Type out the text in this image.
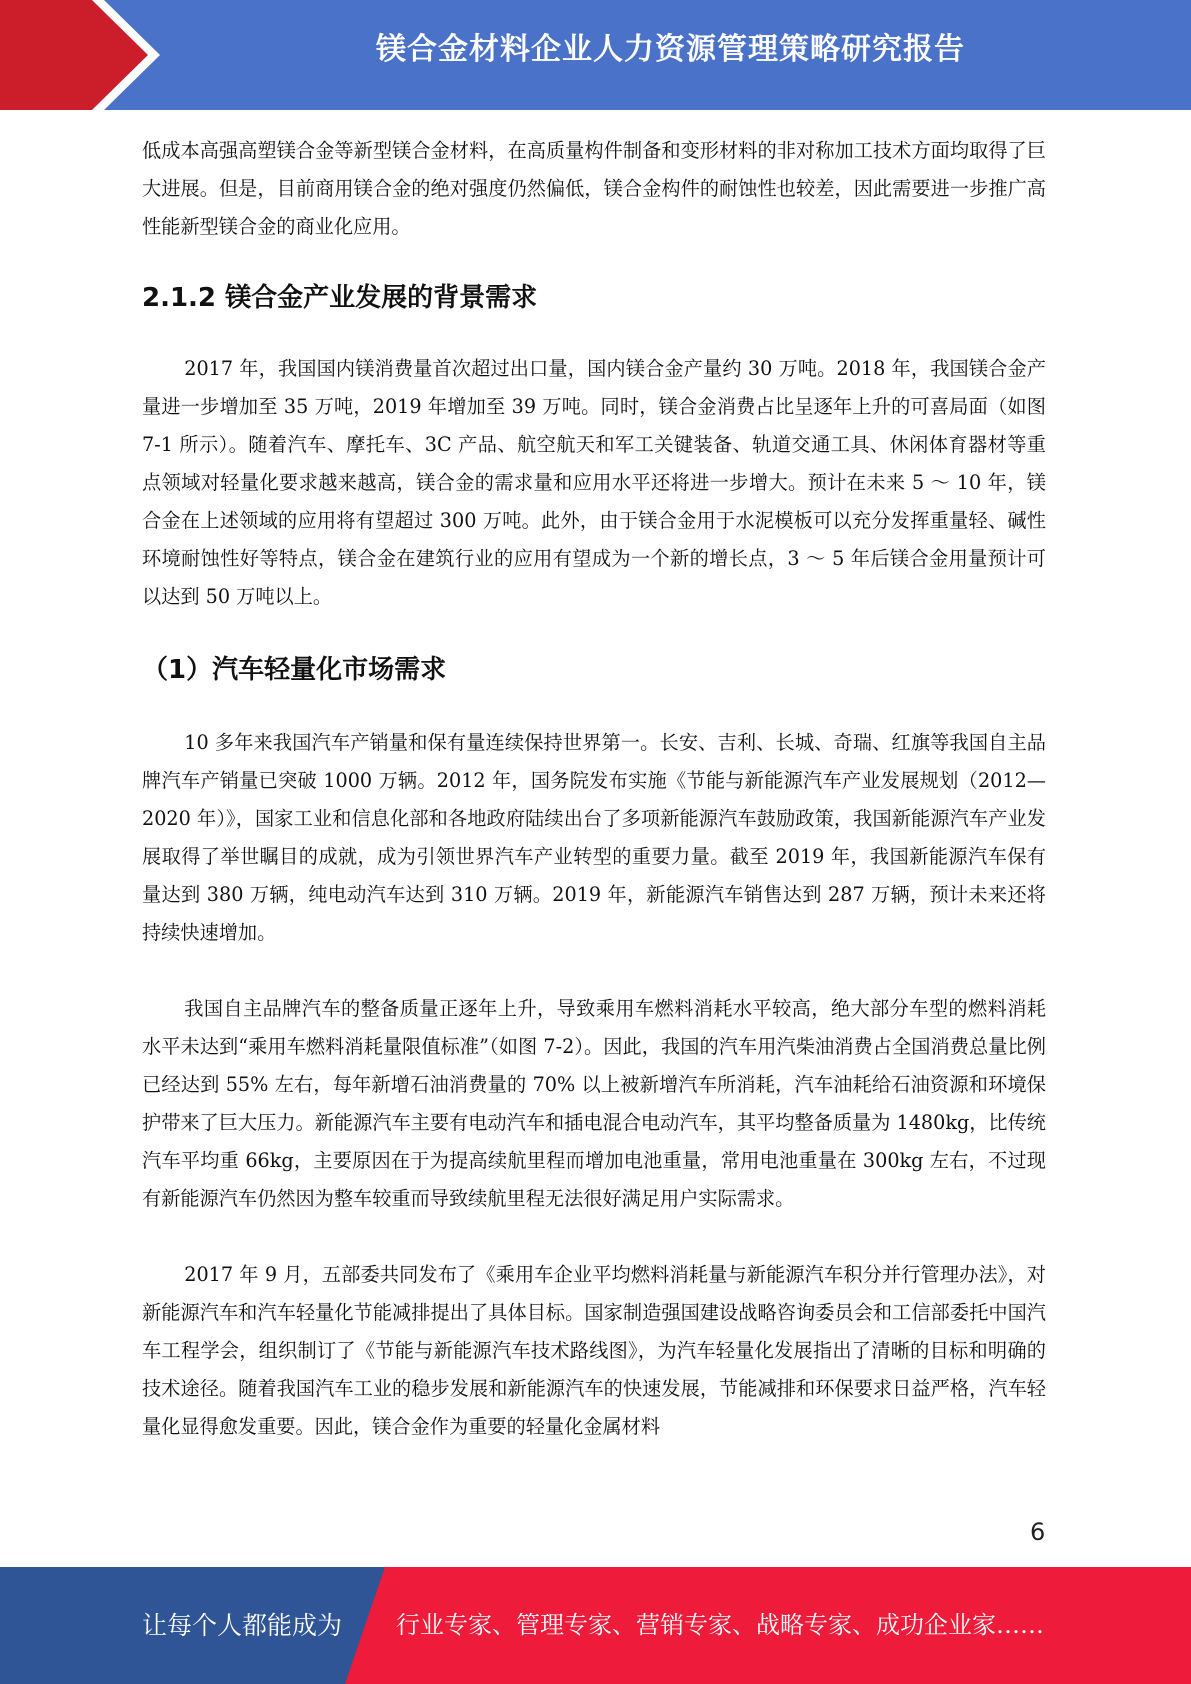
镁合金材料企业人力资源管理策略研究报告

低成本高强高塑镁合金等新型镁合金材料，在高质量构件制备和变形材料的非对称加工技术方面均取得了巨大进展。但是，目前商用镁合金的绝对强度仍然偏低，镁合金构件的耐蚀性也较差，因此需要进一步推广高性能新型镁合金的商业化应用。

2.1.2 镁合金产业发展的背景需求

2017 年，我国国内镁消费量首次超过出口量，国内镁合金产量约 30 万吨。2018 年，我国镁合金产量进一步增加至 35 万吨，2019 年增加至 39 万吨。同时，镁合金消费占比呈逐年上升的可喜局面（如图 7-1 所示）。随着汽车、摩托车、3C 产品、航空航天和军工关键装备、轨道交通工具、休闲体育器材等重点领域对轻量化要求越来越高，镁合金的需求量和应用水平还将进一步增大。预计在未来 5 ～ 10 年，镁合金在上述领域的应用将有望超过 300 万吨。此外，由于镁合金用于水泥模板可以充分发挥重量轻、碱性环境耐蚀性好等特点，镁合金在建筑行业的应用有望成为一个新的增长点，3 ～ 5 年后镁合金用量预计可以达到 50 万吨以上。

（1）汽车轻量化市场需求

10 多年来我国汽车产销量和保有量连续保持世界第一。长安、吉利、长城、奇瑞、红旗等我国自主品牌汽车产销量已突破 1000 万辆。2012 年，国务院发布实施《节能与新能源汽车产业发展规划（2012—2020 年）》，国家工业和信息化部和各地政府陆续出台了多项新能源汽车鼓励政策，我国新能源汽车产业发展取得了举世瞩目的成就，成为引领世界汽车产业转型的重要力量。截至 2019 年，我国新能源汽车保有量达到 380 万辆，纯电动汽车达到 310 万辆。2019 年，新能源汽车销售达到 287 万辆，预计未来还将持续快速增加。

我国自主品牌汽车的整备质量正逐年上升，导致乘用车燃料消耗水平较高，绝大部分车型的燃料消耗水平未达到“乘用车燃料消耗量限值标准”（如图 7-2）。因此，我国的汽车用汽柴油消费占全国消费总量比例已经达到 55% 左右，每年新增石油消费量的 70% 以上被新增汽车所消耗，汽车油耗给石油资源和环境保护带来了巨大压力。新能源汽车主要有电动汽车和插电混合电动汽车，其平均整备质量为 1480kg，比传统汽车平均重 66kg，主要原因在于为提高续航里程而增加电池重量，常用电池重量在 300kg 左右，不过现有新能源汽车仍然因为整车较重而导致续航里程无法很好满足用户实际需求。

2017 年 9 月，五部委共同发布了《乘用车企业平均燃料消耗量与新能源汽车积分并行管理办法》，对新能源汽车和汽车轻量化节能减排提出了具体目标。国家制造强国建设战略咨询委员会和工信部委托中国汽车工程学会，组织制订了《节能与新能源汽车技术路线图》，为汽车轻量化发展指出了清晰的目标和明确的技术途径。随着我国汽车工业的稳步发展和新能源汽车的快速发展，节能减排和环保要求日益严格，汽车轻量化显得愈发重要。因此，镁合金作为重要的轻量化金属材料

6
让每个人都能成为 行业专家、管理专家、营销专家、战略专家、成功企业家……
